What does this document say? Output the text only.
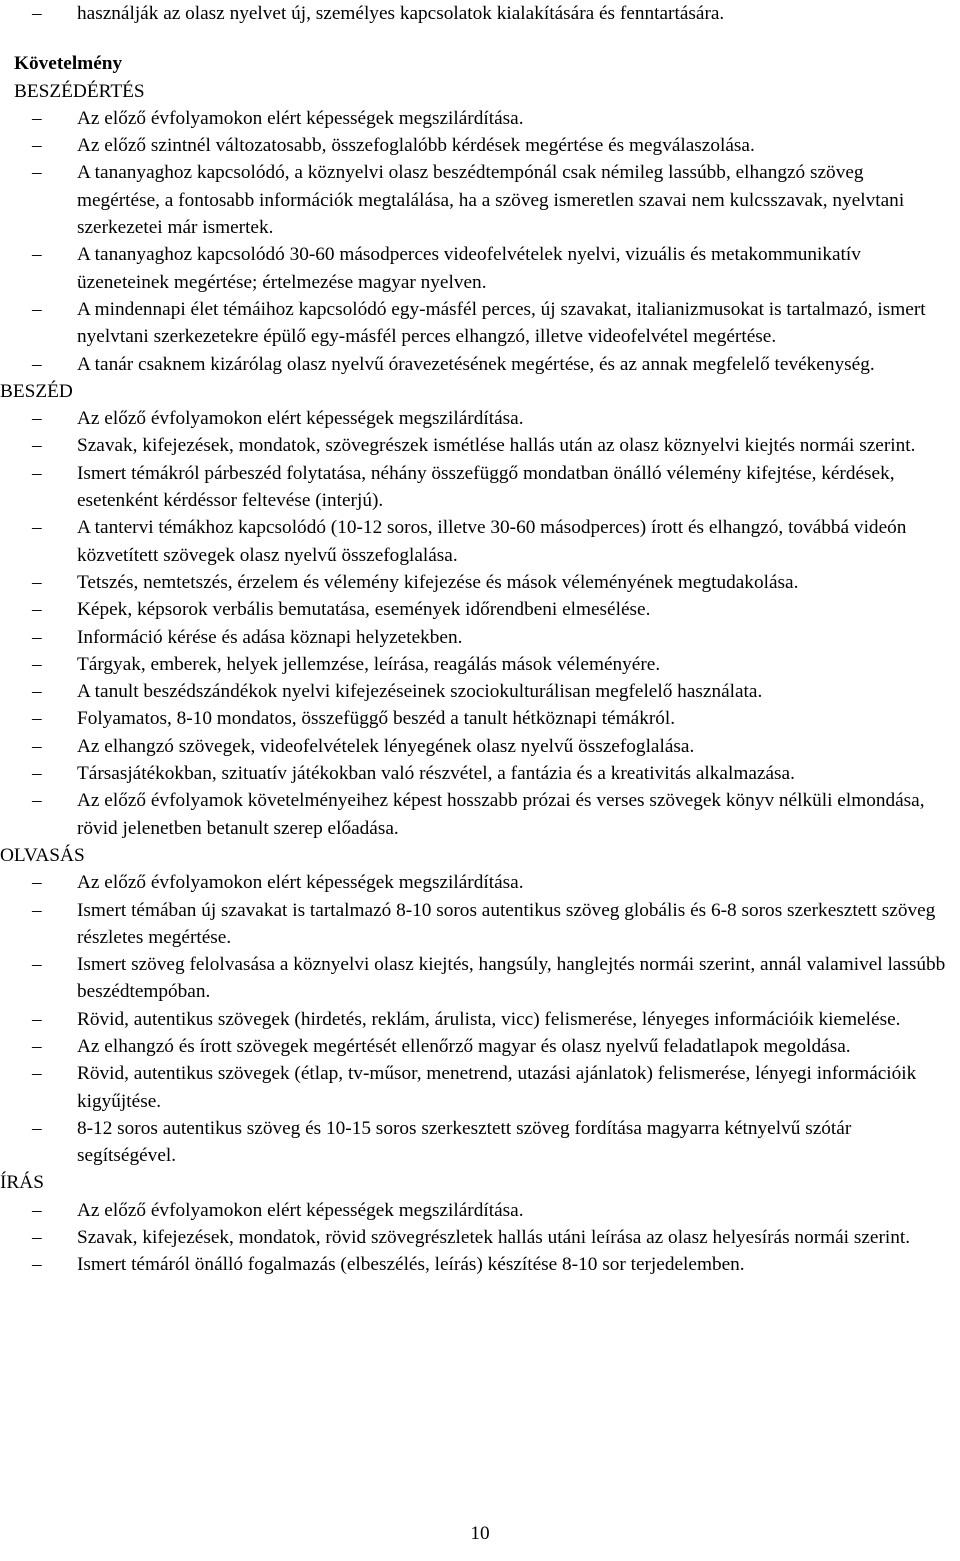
– használják az olasz nyelvet új, személyes kapcsolatok kialakítására és fenntartására.
Követelmény
BESZÉDÉRTÉS
– Az előző évfolyamokon elért képességek megszilárdítása.
– Az előző szintnél változatosabb, összefoglalóbb kérdések megértése és megválaszolása.
– A tananyaghoz kapcsolódó, a köznyelvi olasz beszédtempónál csak némileg lassúbb, elhangzó szöveg megértése, a fontosabb információk megtalálása, ha a szöveg ismeretlen szavai nem kulcsszavak, nyelvtani szerkezetei már ismertek.
– A tananyaghoz kapcsolódó 30-60 másodperces videofelvételek nyelvi, vizuális és metakommunikatív üzeneteinek megértése; értelmezése magyar nyelven.
– A mindennapi élet témáihoz kapcsolódó egy-másfél perces, új szavakat, italianizmusokat is tartalmazó, ismert nyelvtani szerkezetekre épülő egy-másfél perces elhangzó, illetve videofelvétel megértése.
– A tanár csaknem kizárólag olasz nyelvű óravezetésének megértése, és az annak megfelelő tevékenység.
BESZÉD
– Az előző évfolyamokon elért képességek megszilárdítása.
– Szavak, kifejezések, mondatok, szövegrészek ismétlése hallás után az olasz köznyelvi kiejtés normái szerint.
– Ismert témákról párbeszéd folytatása, néhány összefüggő mondatban önálló vélemény kifejtése, kérdések, esetenként kérdéssor feltevése (interjú).
– A tantervi témákhoz kapcsolódó (10-12 soros, illetve 30-60 másodperces) írott és elhangzó, továbbá videón közvetített szövegek olasz nyelvű összefoglalása.
– Tetszés, nemtetszés, érzelem és vélemény kifejezése és mások véleményének megtudakolása.
– Képek, képsorok verbális bemutatása, események időrendbeni elmesélése.
– Információ kérése és adása köznapi helyzetekben.
– Tárgyak, emberek, helyek jellemzése, leírása, reagálás mások véleményére.
– A tanult beszédszándékok nyelvi kifejezéseinek szociokulturálisan megfelelő használata.
– Folyamatos, 8-10 mondatos, összefüggő beszéd a tanult hétköznapi témákról.
– Az elhangzó szövegek, videofelvételek lényegének olasz nyelvű összefoglalása.
– Társasjátékokban, szituatív játékokban való részvétel, a fantázia és a kreativitás alkalmazása.
– Az előző évfolyamok követelményeihez képest hosszabb prózai és verses szövegek könyv nélküli elmondása, rövid jelenetben betanult szerep előadása.
OLVASÁS
– Az előző évfolyamokon elért képességek megszilárdítása.
– Ismert témában új szavakat is tartalmazó 8-10 soros autentikus szöveg globális és 6-8 soros szerkesztett szöveg részletes megértése.
– Ismert szöveg felolvasása a köznyelvi olasz kiejtés, hangsúly, hanglejtés normái szerint, annál valamivel lassúbb beszédtempóban.
– Rövid, autentikus szövegek (hirdetés, reklám, árulista, vicc) felismerése, lényeges információik kiemelése.
– Az elhangzó és írott szövegek megértését ellenőrző magyar és olasz nyelvű feladatlapok megoldása.
– Rövid, autentikus szövegek (étlap, tv-műsor, menetrend, utazási ajánlatok) felismerése, lényegi információik kigyűjtése.
– 8-12 soros autentikus szöveg és 10-15 soros szerkesztett szöveg fordítása magyarra kétnyelvű szótár segítségével.
ÍRÁS
– Az előző évfolyamokon elért képességek megszilárdítása.
– Szavak, kifejezések, mondatok, rövid szövegrészletek hallás utáni leírása az olasz helyesírás normái szerint.
– Ismert témáról önálló fogalmazás (elbeszélés, leírás) készítése 8-10 sor terjedelemben.
10
